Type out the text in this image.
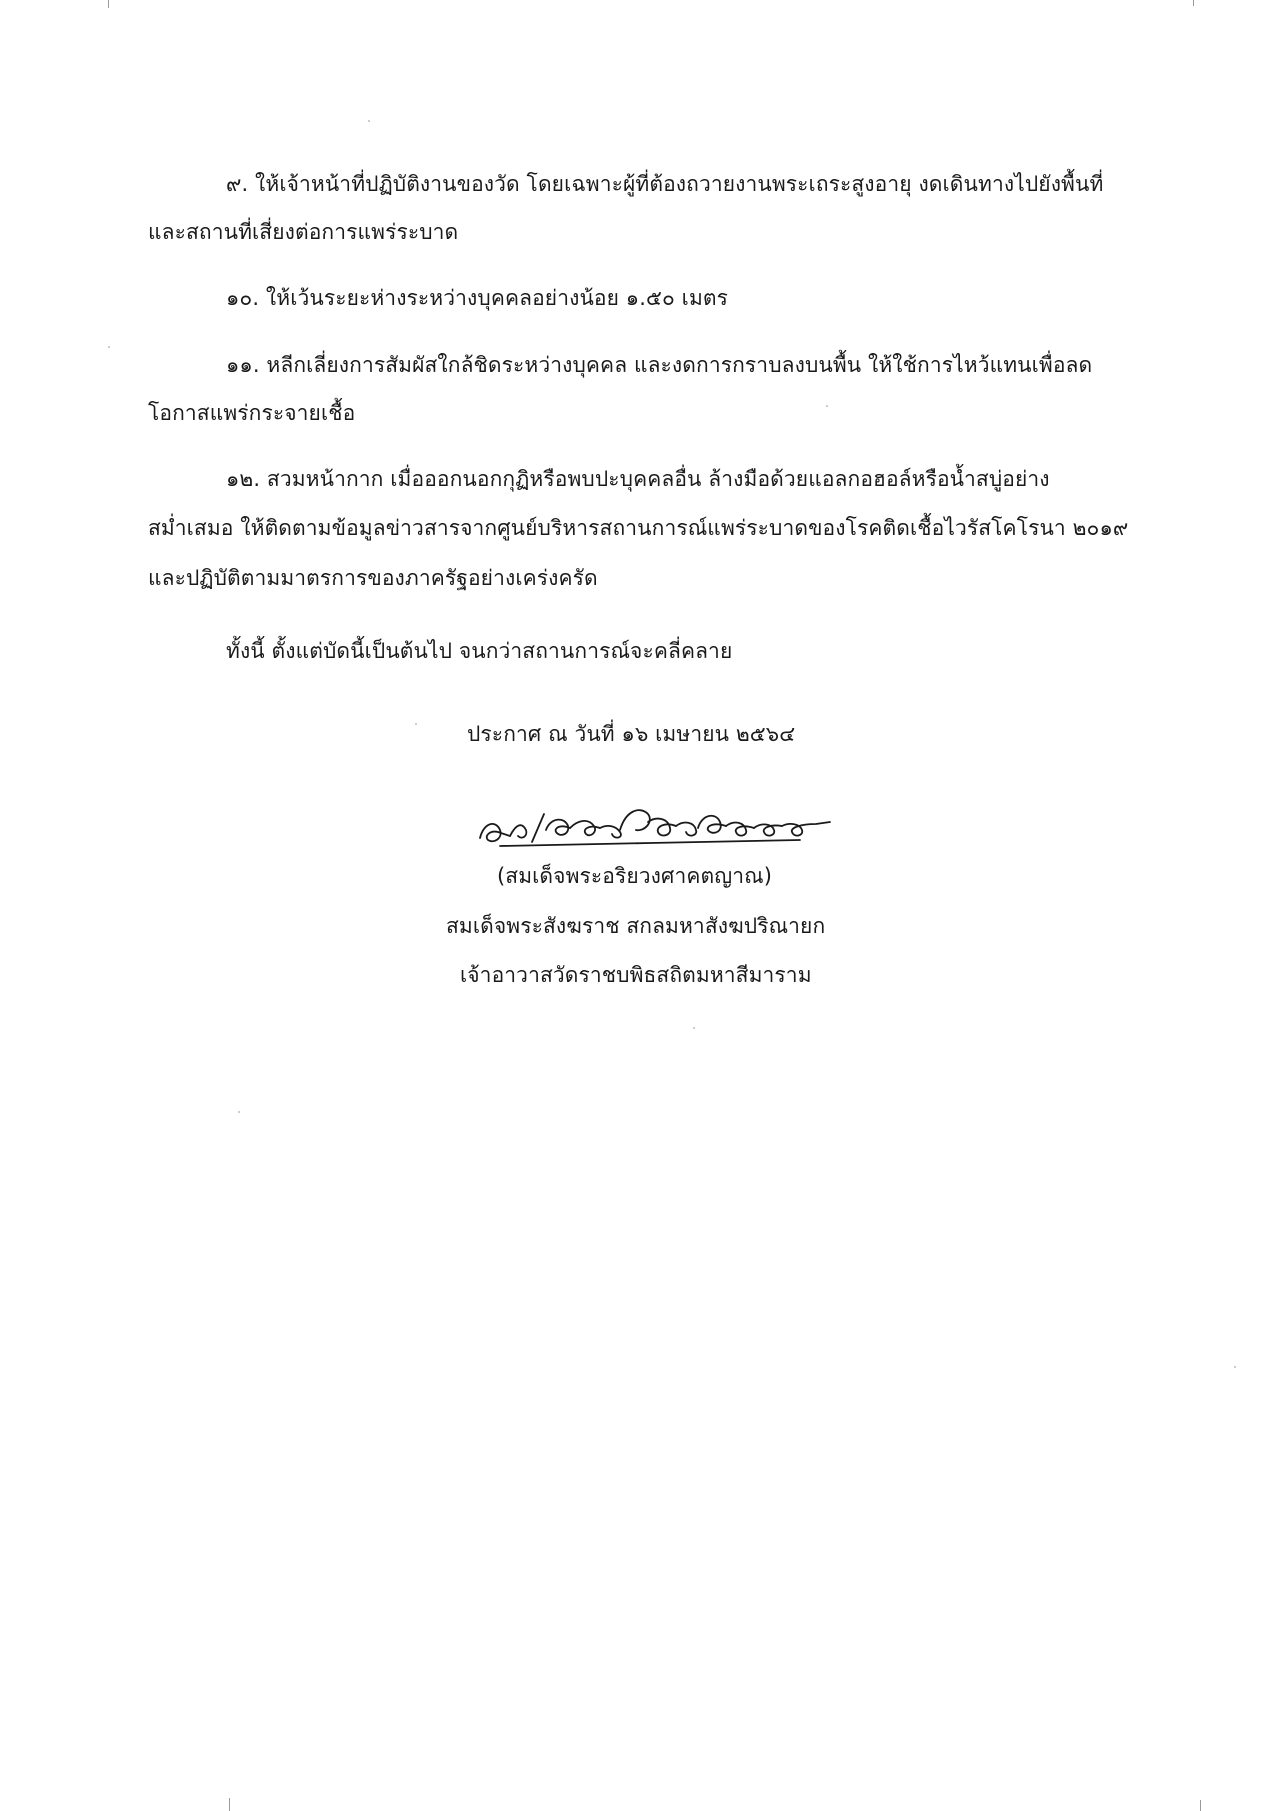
๙. ให้เจ้าหน้าที่ปฏิบัติงานของวัด โดยเฉพาะผู้ที่ต้องถวายงานพระเถระสูงอายุ งดเดินทางไปยังพื้นที่
และสถานที่เสี่ยงต่อการแพร่ระบาด
๑๐. ให้เว้นระยะห่างระหว่างบุคคลอย่างน้อย ๑.๕๐ เมตร
๑๑. หลีกเลี่ยงการสัมผัสใกล้ชิดระหว่างบุคคล และงดการกราบลงบนพื้น ให้ใช้การไหว้แทนเพื่อลด
โอกาสแพร่กระจายเชื้อ
๑๒. สวมหน้ากาก เมื่อออกนอกกุฏิหรือพบปะบุคคลอื่น ล้างมือด้วยแอลกอฮอล์หรือน้ำสบู่อย่าง
สม่ำเสมอ ให้ติดตามข้อมูลข่าวสารจากศูนย์บริหารสถานการณ์แพร่ระบาดของโรคติดเชื้อไวรัสโคโรนา ๒๐๑๙
และปฏิบัติตามมาตรการของภาครัฐอย่างเคร่งครัด
ทั้งนี้ ตั้งแต่บัดนี้เป็นต้นไป จนกว่าสถานการณ์จะคลี่คลาย
ประกาศ ณ วันที่ ๑๖ เมษายน ๒๕๖๔
สมเด็จพระอริยวงศาคตญาณ
(สมเด็จพระอริยวงศาคตญาณ)
สมเด็จพระสังฆราช สกลมหาสังฆปริณายก
เจ้าอาวาสวัดราชบพิธสถิตมหาสีมาราม
